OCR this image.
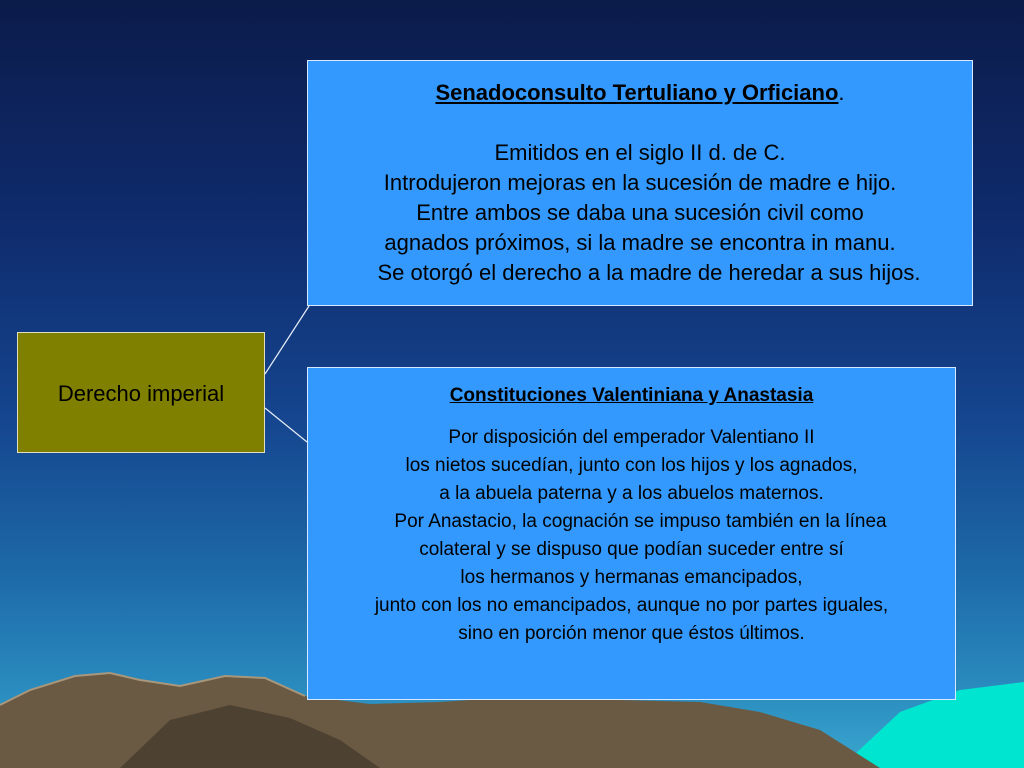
Derecho imperial
Senadoconsulto Tertuliano y Orficiano.
Emitidos en el siglo II d. de C.
Introdujeron mejoras en la sucesión de madre e hijo.
Entre ambos se daba una sucesión civil como
agnados próximos, si la madre se encontra in manu.
Se otorgó el derecho a la madre de heredar a sus hijos.
Constituciones Valentiniana y Anastasia
Por disposición del emperador Valentiano II
los nietos sucedían, junto con los hijos y los agnados,
a la abuela paterna y a los abuelos maternos.
Por Anastacio, la cognación se impuso también en la línea
colateral y se dispuso que podían suceder entre sí
los hermanos y hermanas emancipados,
junto con los no emancipados, aunque no por partes iguales,
sino en porción menor que éstos últimos.
